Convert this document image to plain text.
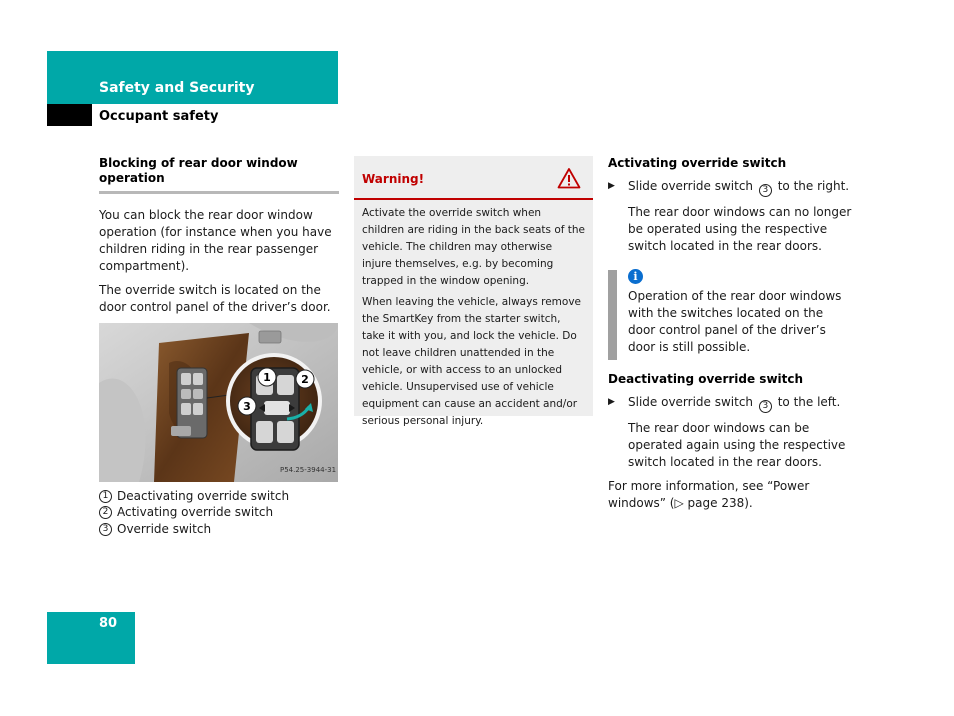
Safety and Security
Occupant safety
Blocking of rear door window operation

You can block the rear door window operation (for instance when you have children riding in the rear passenger compartment).

The override switch is located on the door control panel of the driver’s door.

1	2
3
P54.25-3944-31
1 Deactivating override switch
2 Activating override switch
3 Override switch
Warning!

Activate the override switch when children are riding in the back seats of the vehicle. The children may otherwise injure themselves, e.g. by becoming trapped in the window opening.

When leaving the vehicle, always remove the SmartKey from the starter switch, take it with you, and lock the vehicle. Do not leave children unattended in the vehicle, or with access to an unlocked vehicle. Unsupervised use of vehicle equipment can cause an accident and/or serious personal injury.

Activating override switch
▶	Slide override switch 3 to the right.

The rear door windows can no longer be operated using the respective switch located in the rear doors.

i
Operation of the rear door windows with the switches located on the door control panel of the driver’s door is still possible.
Deactivating override switch
▶	Slide override switch 3 to the left.

The rear door windows can be operated again using the respective switch located in the rear doors.

For more information, see “Power windows” (▷ page 238).

80
